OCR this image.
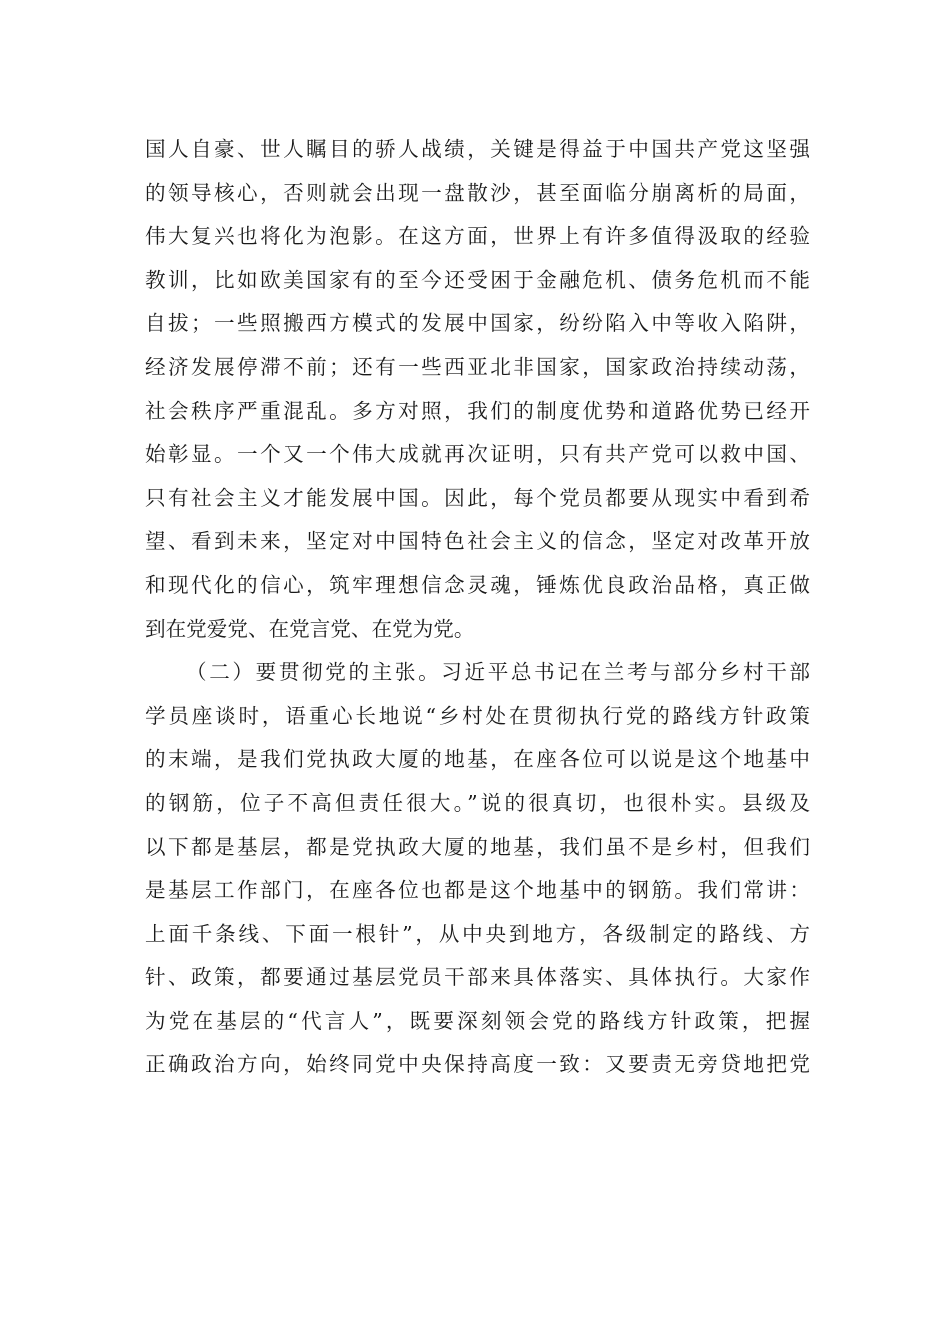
国人自豪、世人瞩目的骄人战绩，关键是得益于中国共产党这坚强
的领导核心，否则就会出现一盘散沙，甚至面临分崩离析的局面，
伟大复兴也将化为泡影。在这方面，世界上有许多值得汲取的经验
教训，比如欧美国家有的至今还受困于金融危机、债务危机而不能
自拔；一些照搬西方模式的发展中国家，纷纷陷入中等收入陷阱，
经济发展停滞不前；还有一些西亚北非国家，国家政治持续动荡，
社会秩序严重混乱。多方对照，我们的制度优势和道路优势已经开
始彰显。一个又一个伟大成就再次证明，只有共产党可以救中国、
只有社会主义才能发展中国。因此，每个党员都要从现实中看到希
望、看到未来，坚定对中国特色社会主义的信念，坚定对改革开放
和现代化的信心，筑牢理想信念灵魂，锤炼优良政治品格，真正做
到在党爱党、在党言党、在党为党。
（二）要贯彻党的主张。习近平总书记在兰考与部分乡村干部
学员座谈时，语重心长地说“乡村处在贯彻执行党的路线方针政策
的末端，是我们党执政大厦的地基，在座各位可以说是这个地基中
的钢筋，位子不高但责任很大。”说的很真切，也很朴实。县级及
以下都是基层，都是党执政大厦的地基，我们虽不是乡村，但我们
是基层工作部门，在座各位也都是这个地基中的钢筋。我们常讲：
上面千条线、下面一根针”，从中央到地方，各级制定的路线、方
针、政策，都要通过基层党员干部来具体落实、具体执行。大家作
为党在基层的“代言人”，既要深刻领会党的路线方针政策，把握
正确政治方向，始终同党中央保持高度一致：又要责无旁贷地把党
